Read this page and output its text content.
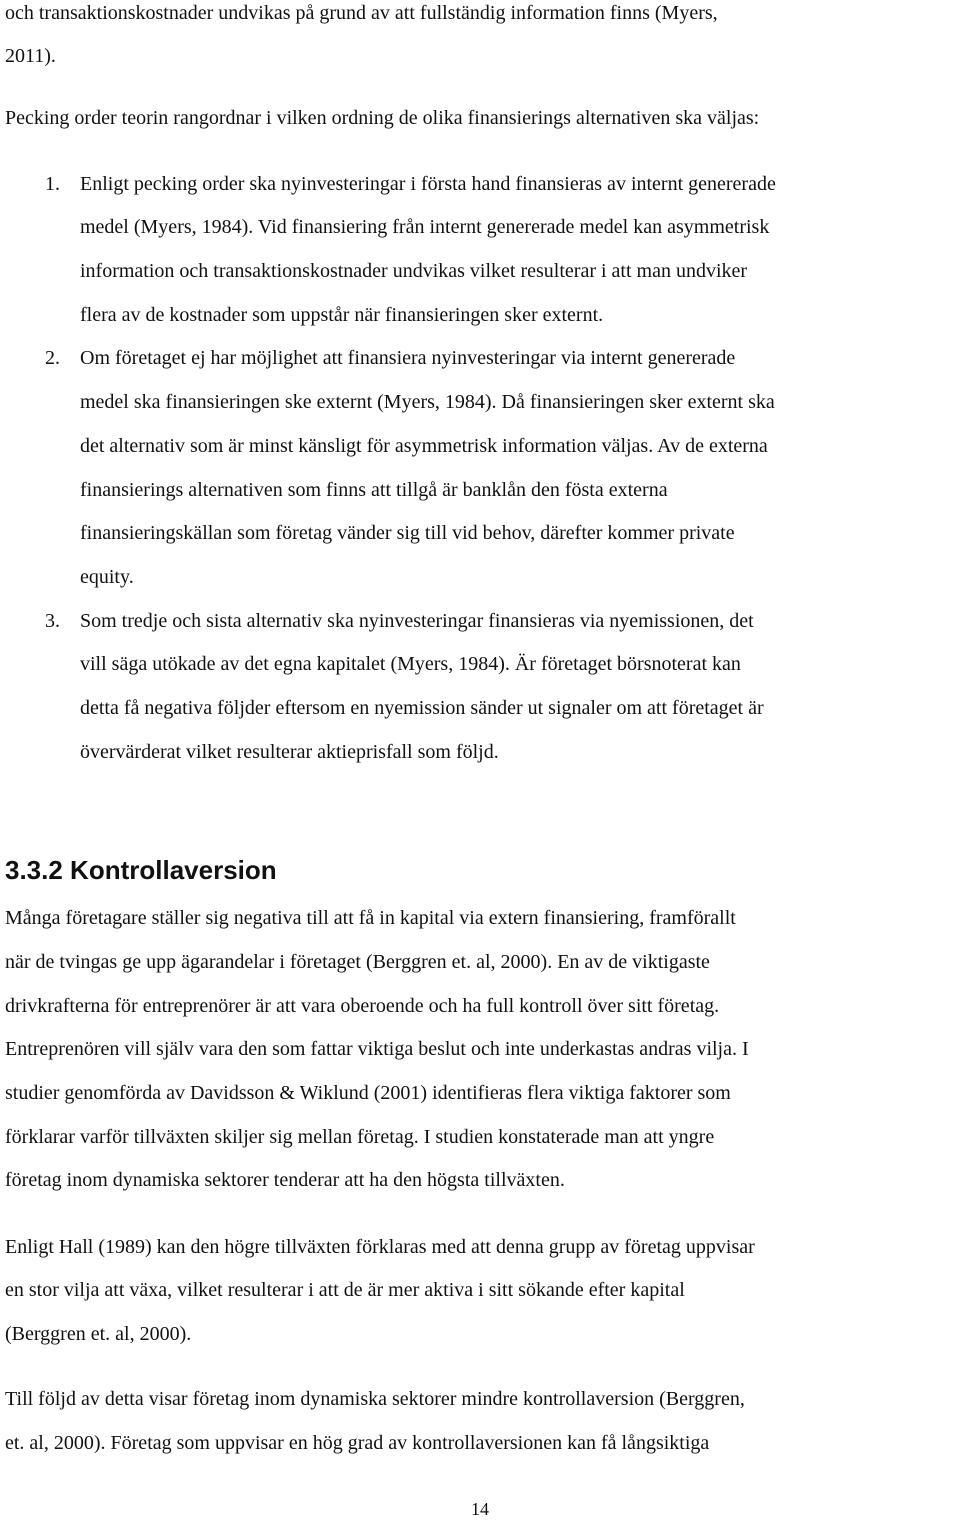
och transaktionskostnader undvikas på grund av att fullständig information finns (Myers,

2011).

Pecking order teorin rangordnar i vilken ordning de olika finansierings alternativen ska väljas:

1. Enligt pecking order ska nyinvesteringar i första hand finansieras av internt genererade

medel (Myers, 1984). Vid finansiering från internt genererade medel kan asymmetrisk

information och transaktionskostnader undvikas vilket resulterar i att man undviker

flera av de kostnader som uppstår när finansieringen sker externt.

2. Om företaget ej har möjlighet att finansiera nyinvesteringar via internt genererade

medel ska finansieringen ske externt (Myers, 1984). Då finansieringen sker externt ska

det alternativ som är minst känsligt för asymmetrisk information väljas. Av de externa

finansierings alternativen som finns att tillgå är banklån den fösta externa

finansieringskällan som företag vänder sig till vid behov, därefter kommer private

equity.

3. Som tredje och sista alternativ ska nyinvesteringar finansieras via nyemissionen, det

vill säga utökade av det egna kapitalet (Myers, 1984). Är företaget börsnoterat kan

detta få negativa följder eftersom en nyemission sänder ut signaler om att företaget är

övervärderat vilket resulterar aktieprisfall som följd.

3.3.2 Kontrollaversion

Många företagare ställer sig negativa till att få in kapital via extern finansiering, framförallt

när de tvingas ge upp ägarandelar i företaget (Berggren et. al, 2000). En av de viktigaste

drivkrafterna för entreprenörer är att vara oberoende och ha full kontroll över sitt företag.

Entreprenören vill själv vara den som fattar viktiga beslut och inte underkastas andras vilja. I

studier genomförda av Davidsson & Wiklund (2001) identifieras flera viktiga faktorer som

förklarar varför tillväxten skiljer sig mellan företag. I studien konstaterade man att yngre

företag inom dynamiska sektorer tenderar att ha den högsta tillväxten.

Enligt Hall (1989) kan den högre tillväxten förklaras med att denna grupp av företag uppvisar

en stor vilja att växa, vilket resulterar i att de är mer aktiva i sitt sökande efter kapital

(Berggren et. al, 2000).

Till följd av detta visar företag inom dynamiska sektorer mindre kontrollaversion (Berggren,

et. al, 2000). Företag som uppvisar en hög grad av kontrollaversionen kan få långsiktiga

14
